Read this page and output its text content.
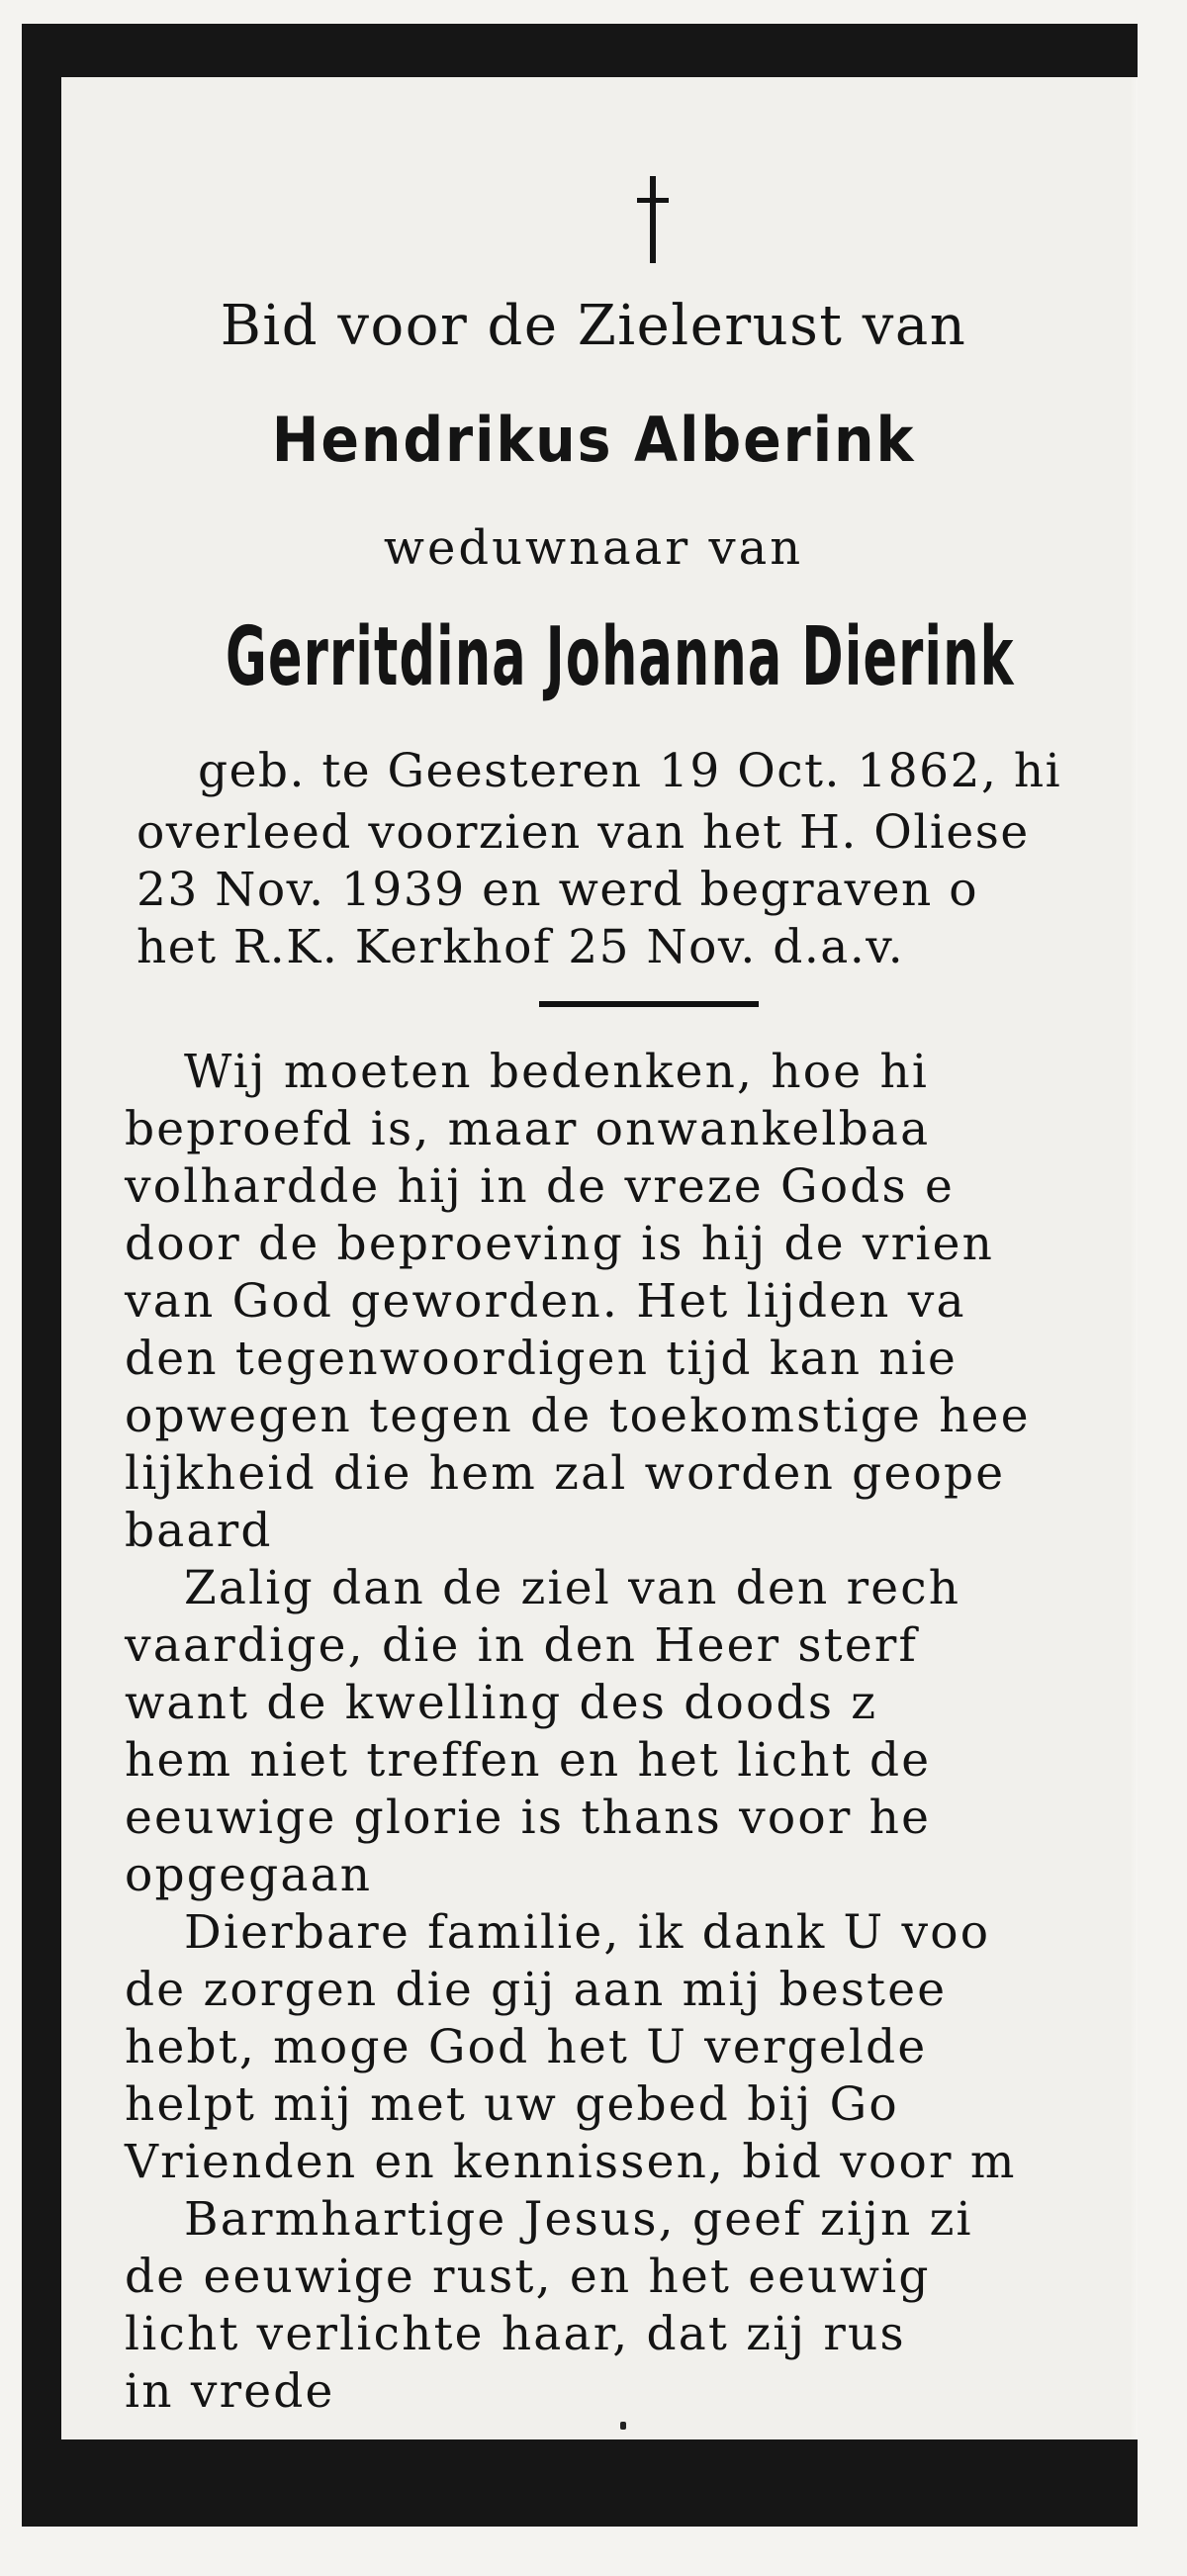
Bid voor de Zielerust van

Hendrikus Alberink

weduwnaar van

Gerritdina Johanna Dierink

geb. te Geesteren 19 Oct. 1862, hi

overleed voorzien van het H. Oliese

23 Nov. 1939 en werd begraven o

het R.K. Kerkhof 25 Nov. d.a.v.

Wij moeten bedenken, hoe hi

beproefd is, maar onwankelbaa

volhardde hij in de vreze Gods e

door de beproeving is hij de vrien

van God geworden. Het lijden va

den tegenwoordigen tijd kan nie

opwegen tegen de toekomstige hee

lijkheid die hem zal worden geope

baard

Zalig dan de ziel van den rech

vaardige, die in den Heer sterf

want de kwelling des doods z

hem niet treffen en het licht de

eeuwige glorie is thans voor he

opgegaan

Dierbare familie, ik dank U voo

de zorgen die gij aan mij bestee

hebt, moge God het U vergelde

helpt mij met uw gebed bij Go

Vrienden en kennissen, bid voor m

Barmhartige Jesus, geef zijn zi

de eeuwige rust, en het eeuwig

licht verlichte haar, dat zij rus

in vrede
